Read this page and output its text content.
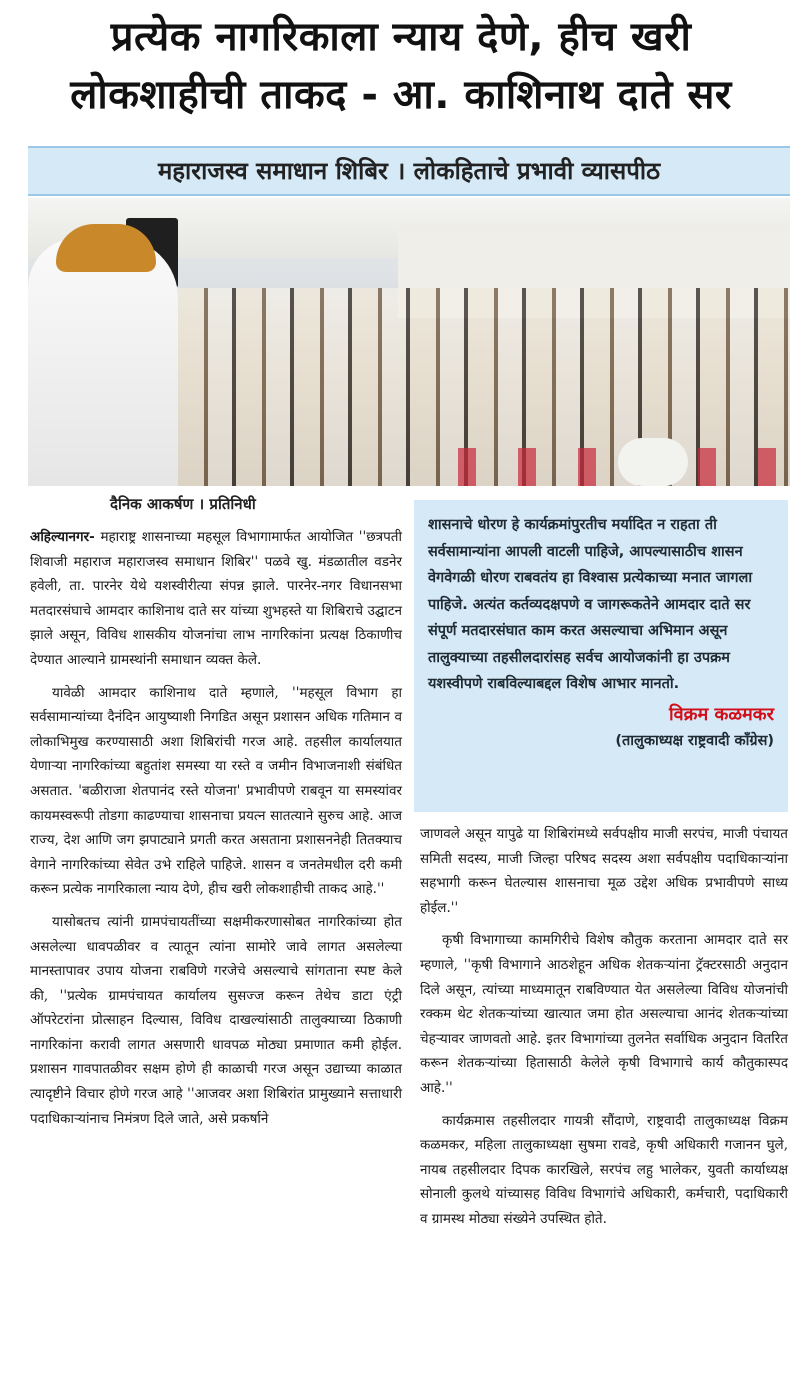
प्रत्येक नागरिकाला न्याय देणे, हीच खरी
लोकशाहीची ताकद - आ. काशिनाथ दाते सर
महाराजस्व समाधान शिबिर । लोकहिताचे प्रभावी व्यासपीठ
दैनिक आकर्षण । प्रतिनिधी

अहिल्यानगर- महाराष्ट्र शासनाच्या महसूल विभागामार्फत आयोजित ''छत्रपती शिवाजी महाराज महाराजस्व समाधान शिबिर'' पळवे खु. मंडळातील वडनेर हवेली, ता. पारनेर येथे यशस्वीरीत्या संपन्न झाले. पारनेर-नगर विधानसभा मतदारसंघाचे आमदार काशिनाथ दाते सर यांच्या शुभहस्ते या शिबिराचे उद्घाटन झाले असून, विविध शासकीय योजनांचा लाभ नागरिकांना प्रत्यक्ष ठिकाणीच देण्यात आल्याने ग्रामस्थांनी समाधान व्यक्त केले.

यावेळी आमदार काशिनाथ दाते म्हणाले, ''महसूल विभाग हा सर्वसामान्यांच्या दैनंदिन आयुष्याशी निगडित असून प्रशासन अधिक गतिमान व लोकाभिमुख करण्यासाठी अशा शिबिरांची गरज आहे. तहसील कार्यालयात येणाऱ्या नागरिकांच्या बहुतांश समस्या या रस्ते व जमीन विभाजनाशी संबंधित असतात. 'बळीराजा शेतपानंद रस्ते योजना' प्रभावीपणे राबवून या समस्यांवर कायमस्वरूपी तोडगा काढण्याचा शासनाचा प्रयत्न सातत्याने सुरुच आहे. आज राज्य, देश आणि जग झपाट्याने प्रगती करत असताना प्रशासननेही तितक्याच वेगाने नागरिकांच्या सेवेत उभे राहिले पाहिजे. शासन व जनतेमधील दरी कमी करून प्रत्येक नागरिकाला न्याय देणे, हीच खरी लोकशाहीची ताकद आहे.''

यासोबतच त्यांनी ग्रामपंचायतींच्या सक्षमीकरणासोबत नागरिकांच्या होत असलेल्या धावपळीवर व त्यातून त्यांना सामोरे जावे लागत असलेल्या मानस्तापावर उपाय योजना राबविणे गरजेचे असल्याचे सांगताना स्पष्ट केले की, ''प्रत्येक ग्रामपंचायत कार्यालय सुसज्ज करून तेथेच डाटा एंट्री ऑपरेटरांना प्रोत्साहन दिल्यास, विविध दाखल्यांसाठी तालुक्याच्या ठिकाणी नागरिकांना करावी लागत असणारी धावपळ मोठ्या प्रमाणात कमी होईल. प्रशासन गावपातळीवर सक्षम होणे ही काळाची गरज असून उद्याच्या काळात त्यादृष्टीने विचार होणे गरज आहे ''आजवर अशा शिबिरांत प्रामुख्याने सत्ताधारी पदाधिकाऱ्यांनाच निमंत्रण दिले जाते, असे प्रकर्षाने

शासनाचे धोरण हे कार्यक्रमांपुरतीच मर्यादित न राहता ती सर्वसामान्यांना आपली वाटली पाहिजे, आपल्यासाठीच शासन वेगवेगळी धोरण राबवतंय हा विश्वास प्रत्येकाच्या मनात जागला पाहिजे. अत्यंत कर्तव्यदक्षपणे व जागरूकतेने आमदार दाते सर संपूर्ण मतदारसंघात काम करत असल्याचा अभिमान असून तालुक्याच्या तहसीलदारांसह सर्वच आयोजकांनी हा उपक्रम यशस्वीपणे राबविल्याबद्दल विशेष आभार मानतो.
विक्रम कळमकर
(तालुकाध्यक्ष राष्ट्रवादी कॉंग्रेस)

जाणवले असून यापुढे या शिबिरांमध्ये सर्वपक्षीय माजी सरपंच, माजी पंचायत समिती सदस्य, माजी जिल्हा परिषद सदस्य अशा सर्वपक्षीय पदाधिकाऱ्यांना सहभागी करून घेतल्यास शासनाचा मूळ उद्देश अधिक प्रभावीपणे साध्य होईल.''

कृषी विभागाच्या कामगिरीचे विशेष कौतुक करताना आमदार दाते सर म्हणाले, ''कृषी विभागाने आठशेहून अधिक शेतकऱ्यांना ट्रॅक्टरसाठी अनुदान दिले असून, त्यांच्या माध्यमातून राबविण्यात येत असलेल्या विविध योजनांची रक्कम थेट शेतकऱ्यांच्या खात्यात जमा होत असल्याचा आनंद शेतकऱ्यांच्या चेहऱ्यावर जाणवतो आहे. इतर विभागांच्या तुलनेत सर्वाधिक अनुदान वितरित करून शेतकऱ्यांच्या हितासाठी केलेले कृषी विभागाचे कार्य कौतुकास्पद आहे.''

कार्यक्रमास तहसीलदार गायत्री सौंदाणे, राष्ट्रवादी तालुकाध्यक्ष विक्रम कळमकर, महिला तालुकाध्यक्षा सुषमा रावडे, कृषी अधिकारी गजानन घुले, नायब तहसीलदार दिपक कारखिले, सरपंच लहु भालेकर, युवती कार्याध्यक्ष सोनाली कुलथे यांच्यासह विविध विभागांचे अधिकारी, कर्मचारी, पदाधिकारी व ग्रामस्थ मोठ्या संख्येने उपस्थित होते.
